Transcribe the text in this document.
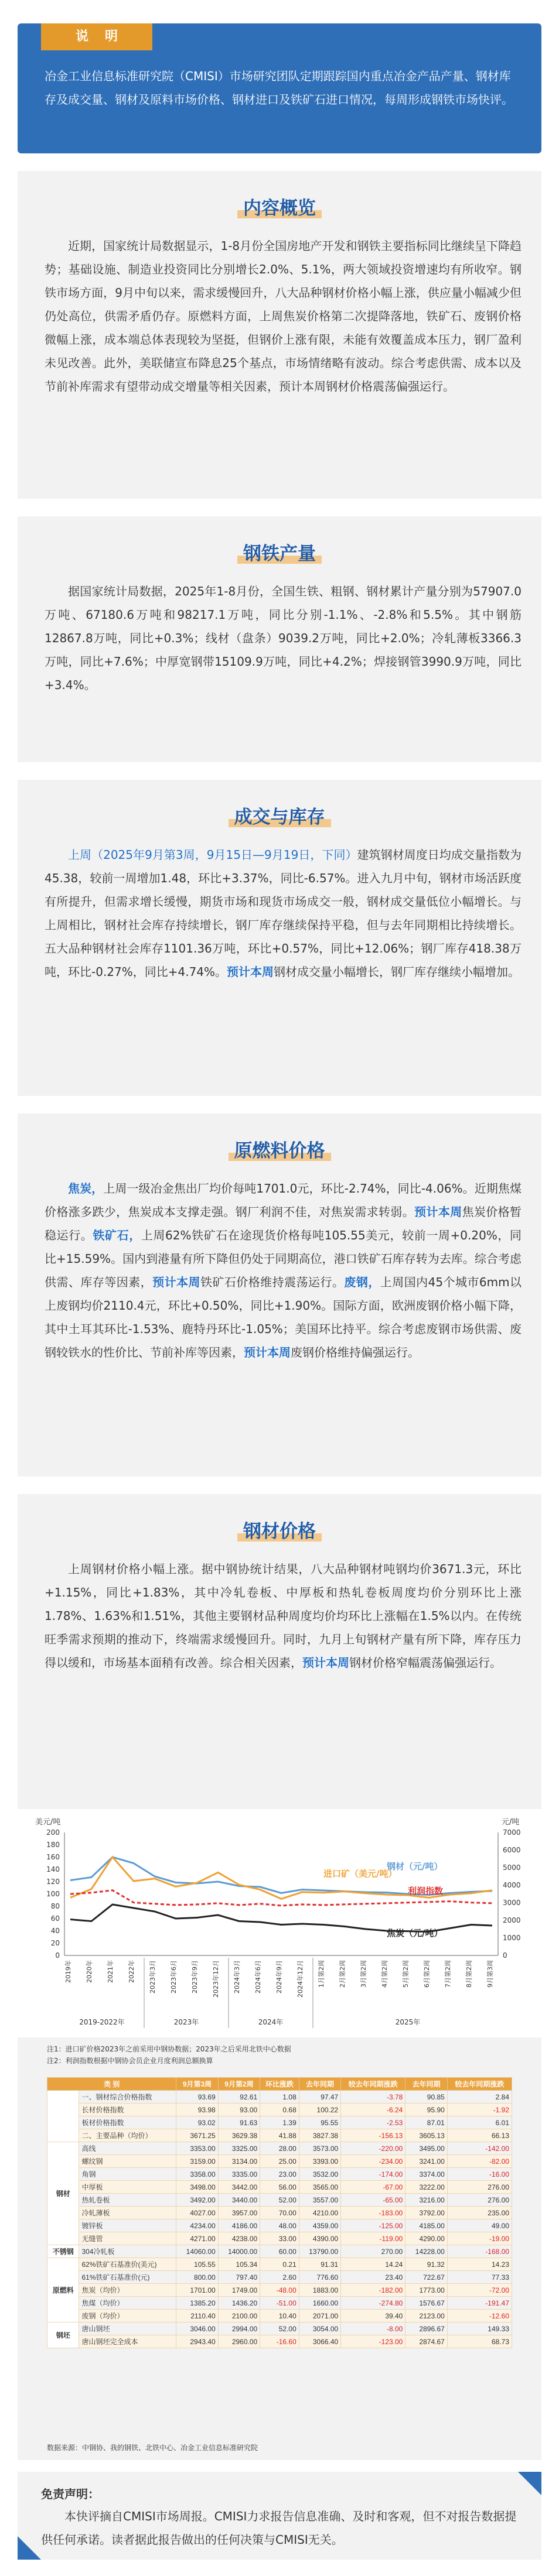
说明
冶金工业信息标准研究院（CMISI）市场研究团队定期跟踪国内重点冶金产品产量、钢材库存及成交量、钢材及原料市场价格、钢材进口及铁矿石进口情况，每周形成钢铁市场快评。
内容概览
近期，国家统计局数据显示，1-8月份全国房地产开发和钢铁主要指标同比继续呈下降趋势；基础设施、制造业投资同比分别增长2.0%、5.1%，两大领域投资增速均有所收窄。钢铁市场方面，9月中旬以来，需求缓慢回升，八大品种钢材价格小幅上涨，供应量小幅减少但仍处高位，供需矛盾仍存。原燃料方面，上周焦炭价格第二次提降落地，铁矿石、废钢价格微幅上涨，成本端总体表现较为坚挺，但钢价上涨有限，未能有效覆盖成本压力，钢厂盈利未见改善。此外，美联储宣布降息25个基点，市场情绪略有波动。综合考虑供需、成本以及节前补库需求有望带动成交增量等相关因素，预计本周钢材价格震荡偏强运行。
钢铁产量
据国家统计局数据，2025年1-8月份，全国生铁、粗钢、钢材累计产量分别为57907.0万吨、67180.6万吨和98217.1万吨，同比分别-1.1%、-2.8%和5.5%。其中钢筋12867.8万吨，同比+0.3%；线材（盘条）9039.2万吨，同比+2.0%；冷轧薄板3366.3万吨，同比+7.6%；中厚宽钢带15109.9万吨，同比+4.2%；焊接钢管3990.9万吨，同比+3.4%。
成交与库存
上周（2025年9月第3周，9月15日—9月19日，下同）建筑钢材周度日均成交量指数为45.38，较前一周增加1.48，环比+3.37%，同比-6.57%。进入九月中旬，钢材市场活跃度有所提升，但需求增长缓慢，期货市场和现货市场成交一般，钢材成交量低位小幅增长。与上周相比，钢材社会库存持续增长，钢厂库存继续保持平稳，但与去年同期相比持续增长。五大品种钢材社会库存1101.36万吨，环比+0.57%，同比+12.06%；钢厂库存418.38万吨，环比-0.27%，同比+4.74%。预计本周钢材成交量小幅增长，钢厂库存继续小幅增加。
原燃料价格
焦炭，上周一级冶金焦出厂均价每吨1701.0元，环比-2.74%，同比-4.06%。近期焦煤价格涨多跌少，焦炭成本支撑走强。钢厂利润不佳，对焦炭需求转弱。预计本周焦炭价格暂稳运行。铁矿石，上周62%铁矿石在途现货价格每吨105.55美元，较前一周+0.20%，同比+15.59%。国内到港量有所下降但仍处于同期高位，港口铁矿石库存转为去库。综合考虑供需、库存等因素，预计本周铁矿石价格维持震荡运行。废钢，上周国内45个城市6mm以上废钢均价2110.4元，环比+0.50%，同比+1.90%。国际方面，欧洲废钢价格小幅下降，其中土耳其环比-1.53%、鹿特丹环比-1.05%；美国环比持平。综合考虑废钢市场供需、废钢较铁水的性价比、节前补库等因素，预计本周废钢价格维持偏强运行。
钢材价格
上周钢材价格小幅上涨。据中钢协统计结果，八大品种钢材吨钢均价3671.3元，环比+1.15%，同比+1.83%，其中冷轧卷板、中厚板和热轧卷板周度均价分别环比上涨1.78%、1.63%和1.51%，其他主要钢材品种周度均价均环比上涨幅在1.5%以内。在传统旺季需求预期的推动下，终端需求缓慢回升。同时，九月上旬钢材产量有所下降，库存压力得以缓和，市场基本面稍有改善。综合相关因素，预计本周钢材价格窄幅震荡偏强运行。
美元/吨	元/吨
0
20
40
60
80
100
120
140
160
180
200
0
1000
2000
3000
4000
5000
6000
7000
2019年 2020年 2021年 2022年 2023年3月 2023年6月 2023年9月 2023年12月 2024年3月 2024年6月 2024年9月 2024年12月 1月第2周 2月第2周 3月第2周 4月第2周 5月第2周 6月第2周 7月第2周 8月第2周 9月第3周
2019-2022年	2023年	2024年	2025年
钢材（元/吨）
进口矿（美元/吨）
利润指数
焦炭（元/吨）
注1：进口矿价格2023年之前采用中钢协数据；2023年之后采用北铁中心数据
注2：利润指数根据中钢协会员企业月度利润总额换算
类 别		9月第3周	9月第2周	环比涨跌	去年同期	较去年同期涨跌	去年同期	较去年同期涨跌
	一、钢材综合价格指数	93.69	92.61	1.08	97.47	-3.78	90.85	2.84
	长材价格指数	93.98	93.00	0.68	100.22	-6.24	95.90	-1.92
	板材价格指数	93.02	91.63	1.39	95.55	-2.53	87.01	6.01
	二、主要品种（均价）	3671.25	3629.38	41.88	3827.38	-156.13	3605.13	66.13
钢材	高线	3353.00	3325.00	28.00	3573.00	-220.00	3495.00	-142.00
	螺纹钢	3159.00	3134.00	25.00	3393.00	-234.00	3241.00	-82.00
	角钢	3358.00	3335.00	23.00	3532.00	-174.00	3374.00	-16.00
	中厚板	3498.00	3442.00	56.00	3565.00	-67.00	3222.00	276.00
	热轧卷板	3492.00	3440.00	52.00	3557.00	-65.00	3216.00	276.00
	冷轧薄板	4027.00	3957.00	70.00	4210.00	-183.00	3792.00	235.00
	镀锌板	4234.00	4186.00	48.00	4359.00	-125.00	4185.00	49.00
	无缝管	4271.00	4238.00	33.00	4390.00	-119.00	4290.00	-19.00
不锈钢	304冷轧板	14060.00	14000.00	60.00	13790.00	270.00	14228.00	-168.00
原燃料	62%铁矿石基准价(美元)	105.55	105.34	0.21	91.31	14.24	91.32	14.23
	61%铁矿石基准价(元)	800.00	797.40	2.60	776.60	23.40	722.67	77.33
	焦炭（均价）	1701.00	1749.00	-48.00	1883.00	-182.00	1773.00	-72.00
	焦煤（均价）	1385.20	1436.20	-51.00	1660.00	-274.80	1576.67	-191.47
	废钢（均价）	2110.40	2100.00	10.40	2071.00	39.40	2123.00	-12.60
钢坯	唐山钢坯	3046.00	2994.00	52.00	3054.00	-8.00	2896.67	149.33
	唐山钢坯完全成本	2943.40	2960.00	-16.60	3066.40	-123.00	2874.67	68.73
数据来源：中钢协、我的钢铁、北铁中心、冶金工业信息标准研究院
免责声明：
本快评摘自CMISI市场周报。CMISI力求报告信息准确、及时和客观，但不对报告数据提供任何承诺。读者据此报告做出的任何决策与CMISI无关。
